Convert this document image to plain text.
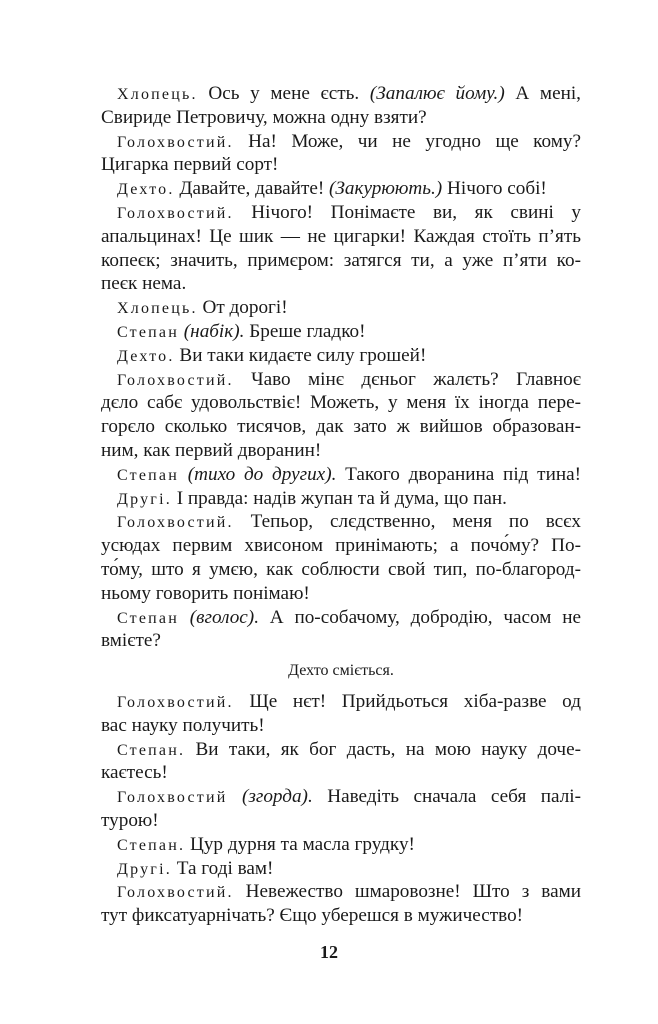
Хлопець. Ось у мене єсть. (Запалює йому.) А мені,
Свириде Петровичу, можна одну взяти?
Голохвостий. На! Може, чи не угодно ще кому?
Цигарка первий сорт!
Дехто. Давайте, давайте! (Закурюють.) Нічого собі!
Голохвостий. Нічого! Понімаєте ви, як свині у
апальцинах! Це шик — не цигарки! Каждая стоїть п’ять
копеєк; значить, примєром: затягся ти, а уже п’яти ко-
пеєк нема.
Хлопець. От дорогі!
Степан (набік). Бреше гладко!
Дехто. Ви таки кидаєте силу грошей!
Голохвостий. Чаво мінє дєньог жалєть? Главноє
дєло сабє удовольствіє! Можеть, у меня їх іногда пере-
горєло сколько тисячов, дак зато ж вийшов образован-
ним, как первий дворанин!
Степан (тихо до других). Такого дворанина під тина!
Другі. І правда: надів жупан та й дума, що пан.
Голохвостий. Тепьор, слєдственно, меня по всєх
усюдах первим хвисоном принімають; а почо́му? По-
то́му, што я умєю, как соблюсти свой тип, по-благород-
ньому говорить понімаю!
Степан (вголос). А по-собачому, добродію, часом не
вмієте?
Дехто сміється.
Голохвостий. Ще нєт! Прийдьоться хіба-разве од
вас науку получить!
Степан. Ви таки, як бог дасть, на мою науку доче-
каєтесь!
Голохвостий (згорда). Наведіть сначала себя палі-
турою!
Степан. Цур дурня та масла грудку!
Другі. Та годі вам!
Голохвостий. Невежество шмаровозне! Што з вами
тут фиксатуарнічать? Єщо уберешся в мужичество!
12
